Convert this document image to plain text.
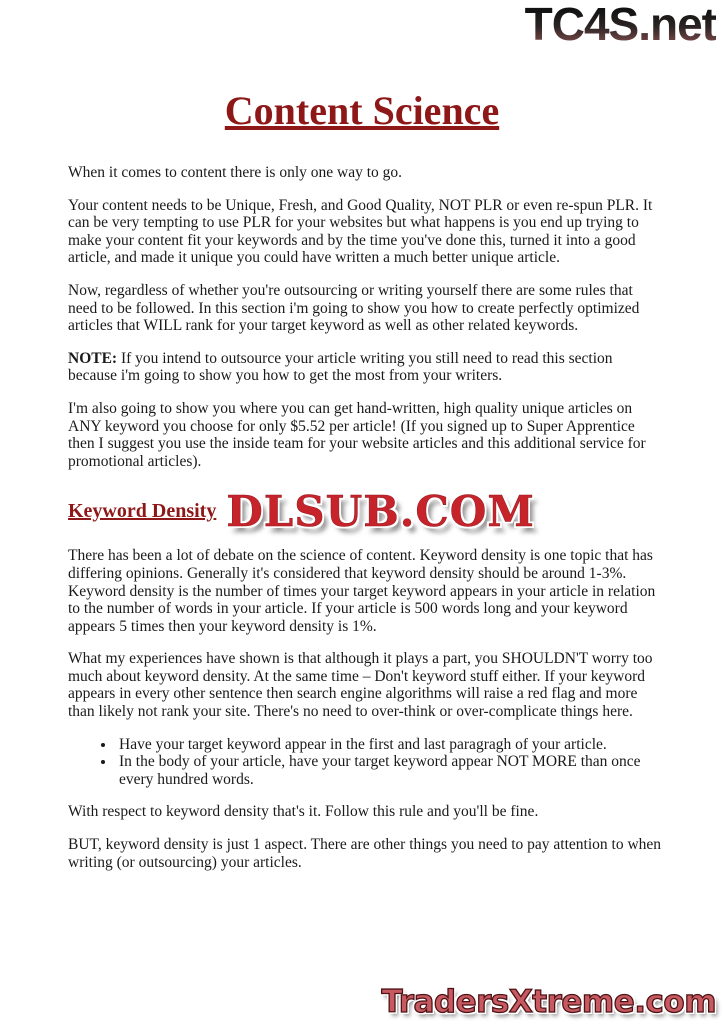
TC4S.net
Content Science

When it comes to content there is only one way to go.

Your content needs to be Unique, Fresh, and Good Quality, NOT PLR or even re-spun PLR. It can be very tempting to use PLR for your websites but what happens is you end up trying to make your content fit your keywords and by the time you've done this, turned it into a good article, and made it unique you could have written a much better unique article.

Now, regardless of whether you're outsourcing or writing yourself there are some rules that need to be followed. In this section i'm going to show you how to create perfectly optimized articles that WILL rank for your target keyword as well as other related keywords.

NOTE: If you intend to outsource your article writing you still need to read this section because i'm going to show you how to get the most from your writers.

I'm also going to show you where you can get hand-written, high quality unique articles on ANY keyword you choose for only $5.52 per article! (If you signed up to Super Apprentice then I suggest you use the inside team for your website articles and this additional service for promotional articles).

Keyword Density DLSUB.COM

There has been a lot of debate on the science of content. Keyword density is one topic that has differing opinions. Generally it's considered that keyword density should be around 1-3%. Keyword density is the number of times your target keyword appears in your article in relation to the number of words in your article. If your article is 500 words long and your keyword appears 5 times then your keyword density is 1%.

What my experiences have shown is that although it plays a part, you SHOULDN'T worry too much about keyword density. At the same time – Don't keyword stuff either. If your keyword appears in every other sentence then search engine algorithms will raise a red flag and more than likely not rank your site. There's no need to over-think or over-complicate things here.

• Have your target keyword appear in the first and last paragragh of your article.
• In the body of your article, have your target keyword appear NOT MORE than once every hundred words.

With respect to keyword density that's it. Follow this rule and you'll be fine.

BUT, keyword density is just 1 aspect. There are other things you need to pay attention to when writing (or outsourcing) your articles.

TradersXtreme.com
